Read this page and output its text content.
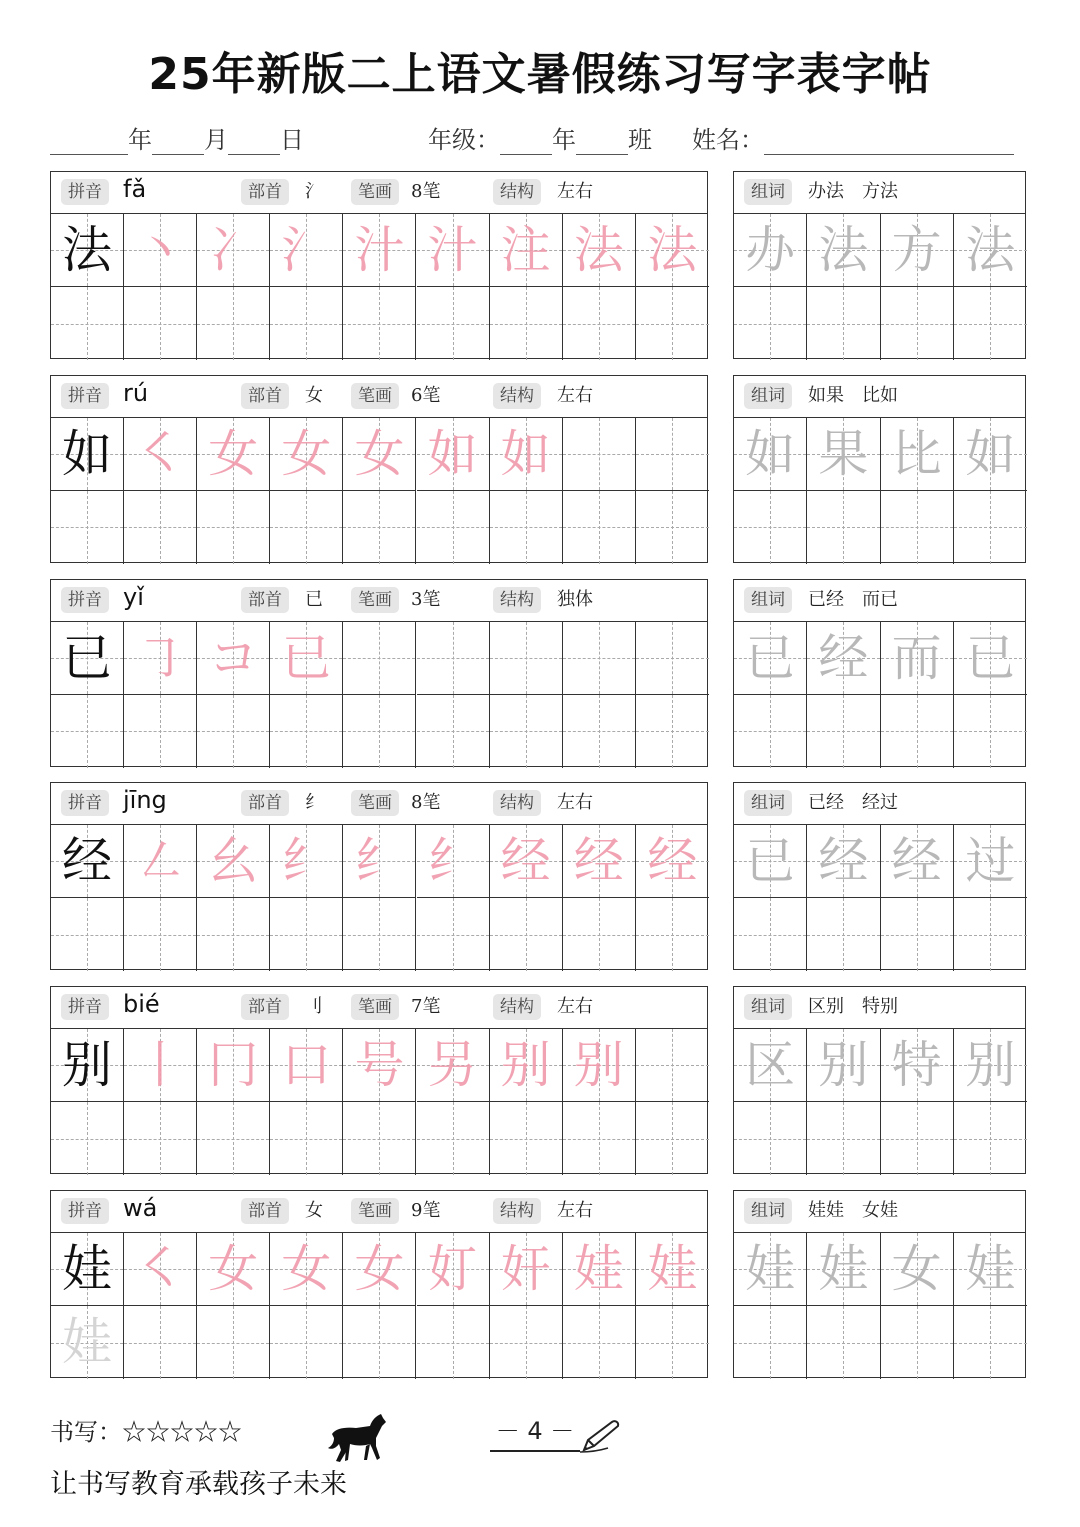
25年新版二上语文暑假练习写字表字帖
年 月 日	年级： 年 班 姓名：
拼音 fǎ	部首	氵	笔画	8笔	结构	左右
法 丶 冫 氵 汁 汁 注 法 法
组词	办法　方法
办 法 方 法
拼音 rú	部首	女	笔画	6笔	结构	左右
如 ㇛ 女 女 女 如 如
组词	如果　比如
如 果 比 如
拼音 yǐ	部首	已	笔画	3笔	结构	独体
已 ㇆ コ 已
组词	已经　而已
已 经 而 已
拼音 jīng	部首	纟	笔画	8笔	结构	左右
经 ㇜ 幺 纟 纟 纟 经 经 经
组词	已经　经过
已 经 经 过
拼音 bié	部首	刂	笔画	7笔	结构	左右
别 丨 冂 口 号 另 别 别
组词	区别　特别
区 别 特 别
拼音 wá	部首	女	笔画	9笔	结构	左右
娃 ㇛ 女 女 女 奵 奸 娃 娃
娃
组词	娃娃　女娃
娃 娃 女 娃
书写：☆☆☆☆☆	－ 4 －
让书写教育承载孩子未来
